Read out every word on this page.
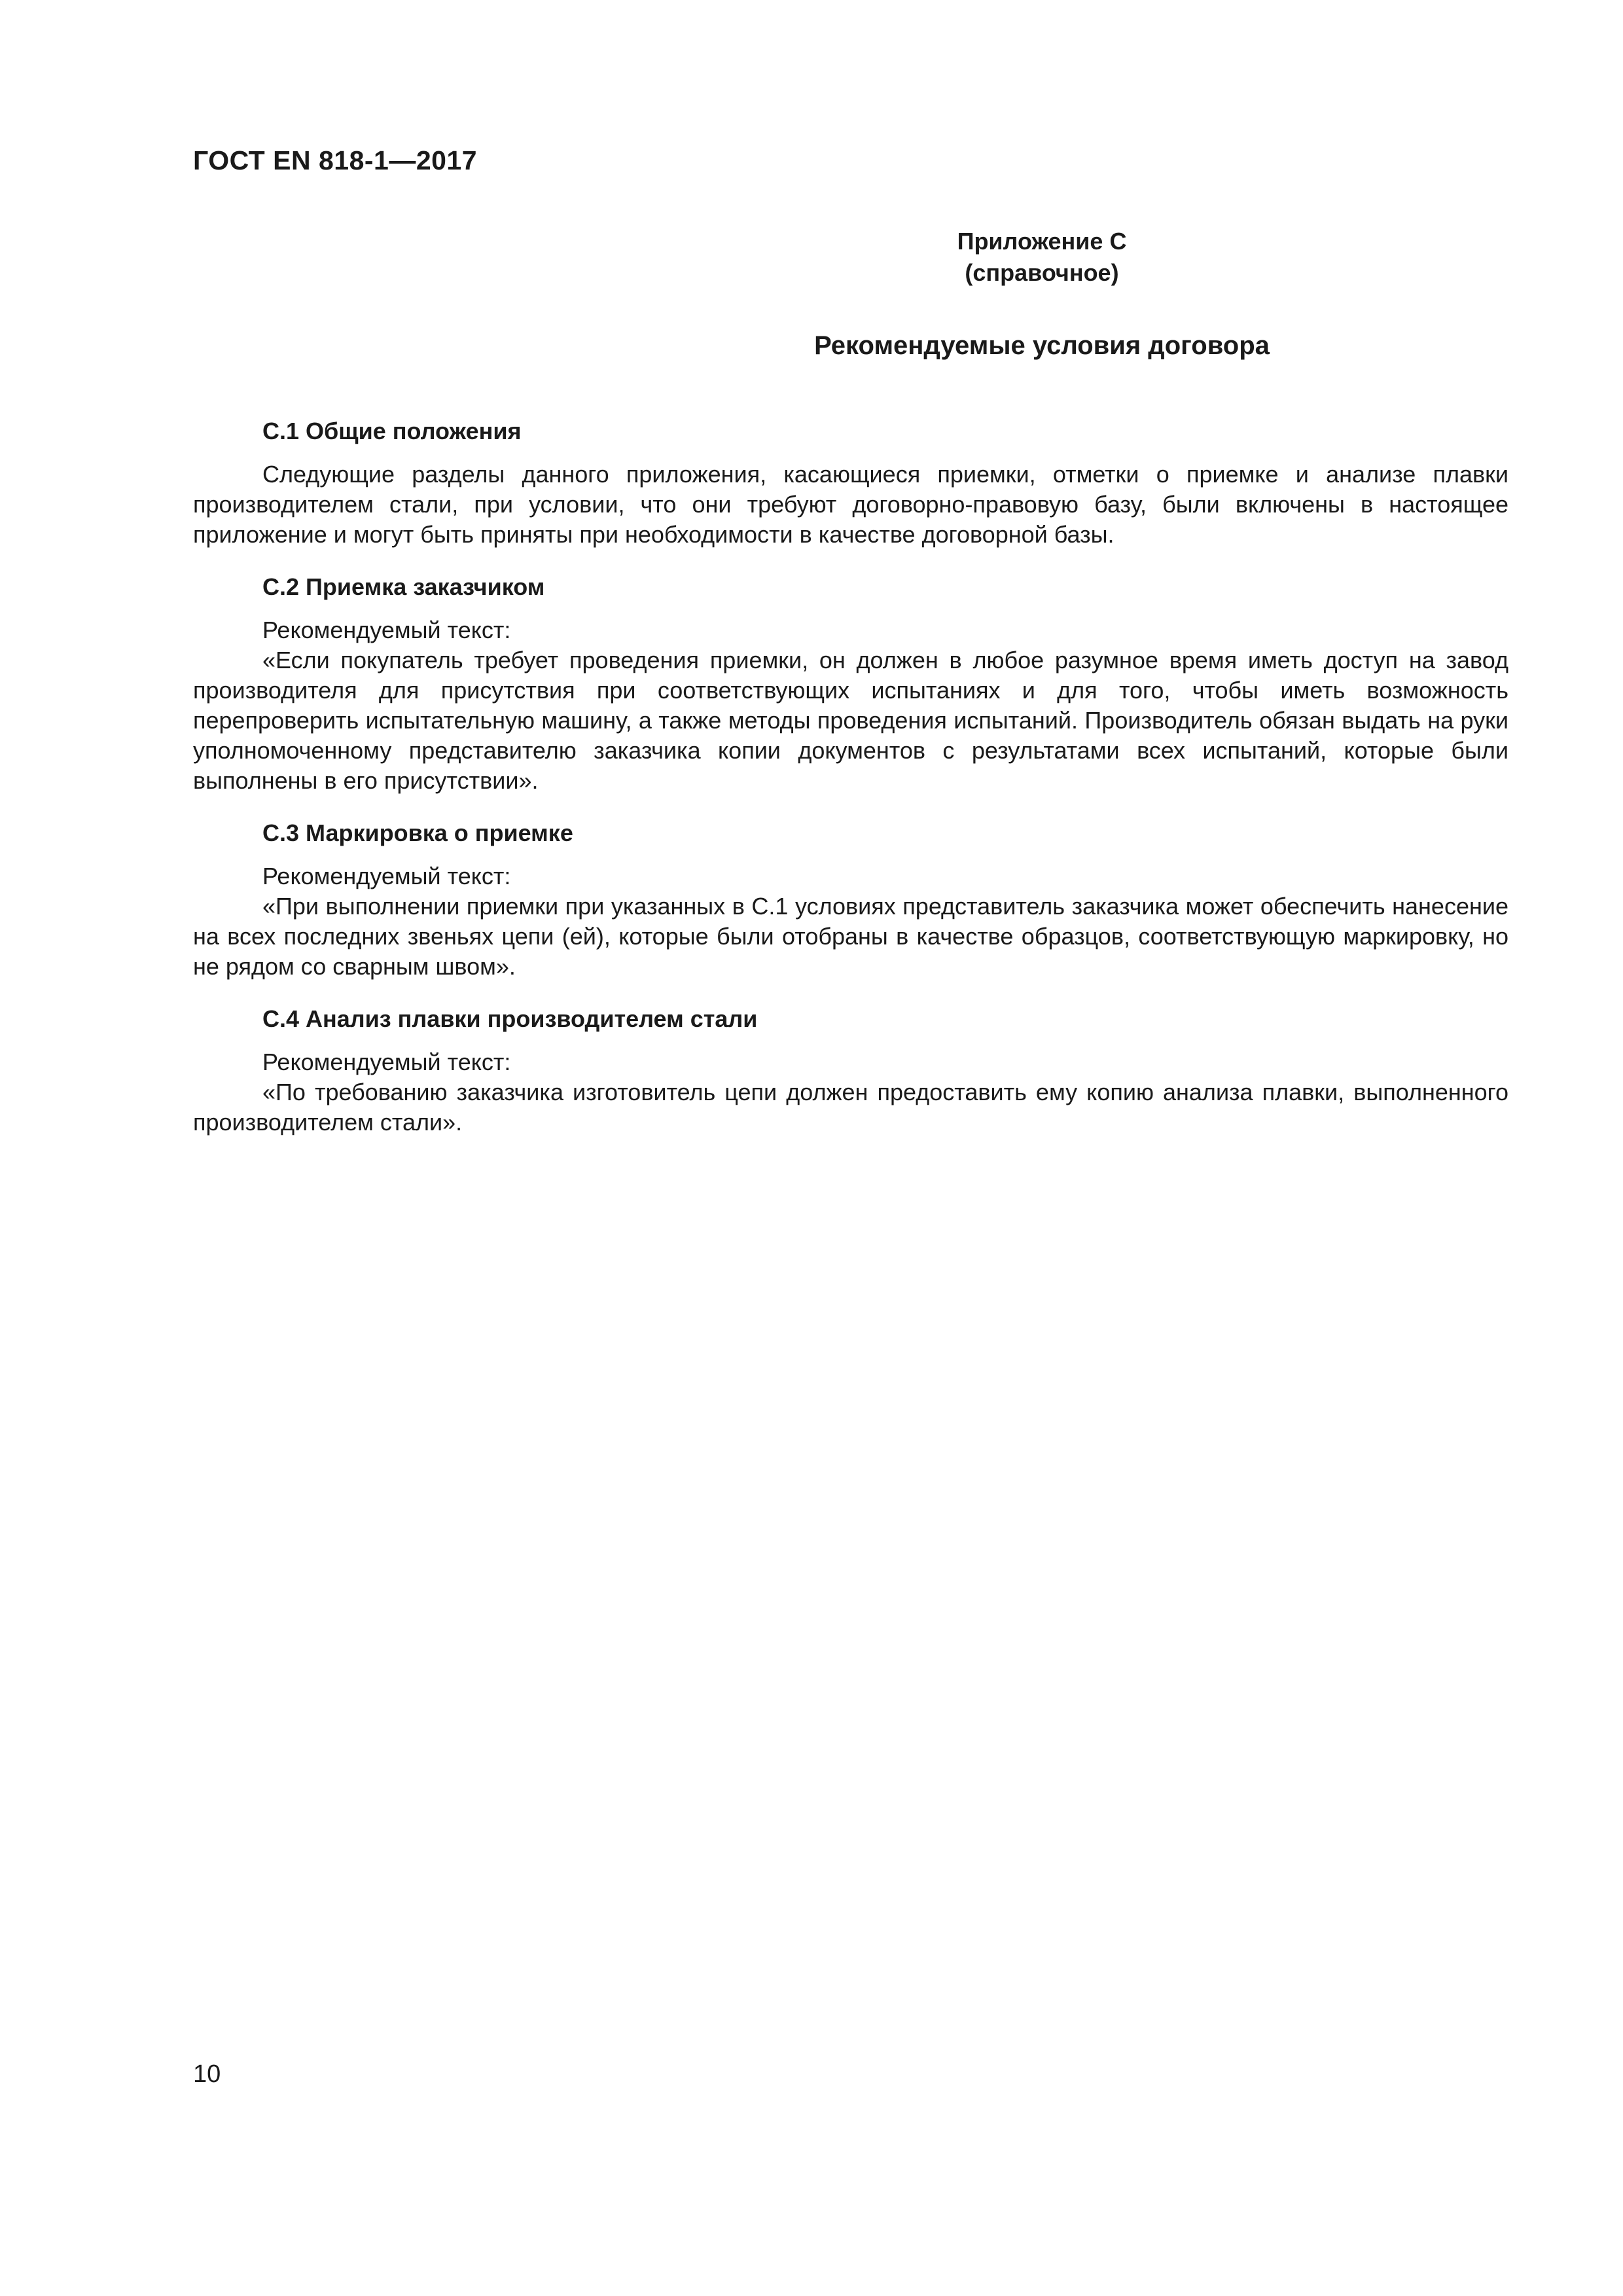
ГОСТ EN 818-1—2017
Приложение С
(справочное)
Рекомендуемые условия договора
С.1 Общие положения

Следующие разделы данного приложения, касающиеся приемки, отметки о приемке и анализе плавки производителем стали, при условии, что они требуют договорно-правовую базу, были включены в настоящее приложение и могут быть приняты при необходимости в качестве договорной базы.

С.2 Приемка заказчиком

Рекомендуемый текст:

«Если покупатель требует проведения приемки, он должен в любое разумное время иметь доступ на завод производителя для присутствия при соответствующих испытаниях и для того, чтобы иметь возможность перепроверить испытательную машину, а также методы проведения испытаний. Производитель обязан выдать на руки уполномоченному представителю заказчика копии документов с результатами всех испытаний, которые были выполнены в его присутствии».

С.3 Маркировка о приемке

Рекомендуемый текст:

«При выполнении приемки при указанных в С.1 условиях представитель заказчика может обеспечить нанесение на всех последних звеньях цепи (ей), которые были отобраны в качестве образцов, соответствующую маркировку, но не рядом со сварным швом».

С.4 Анализ плавки производителем стали

Рекомендуемый текст:

«По требованию заказчика изготовитель цепи должен предоставить ему копию анализа плавки, выполненного производителем стали».

10
